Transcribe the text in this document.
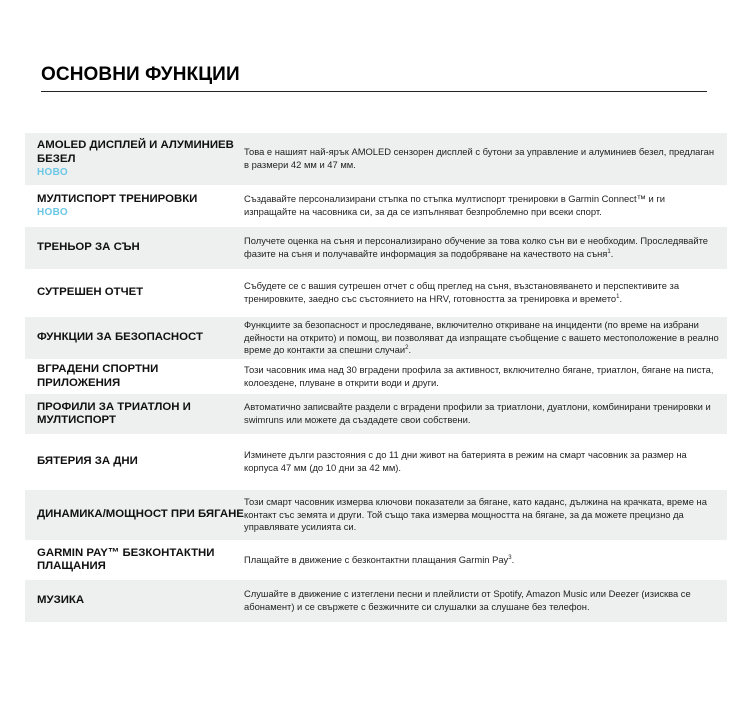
ОСНОВНИ ФУНКЦИИ
AMOLED ДИСПЛЕЙ И АЛУМИНИЕВ БЕЗЕЛ
НОВО
Това е нашият най-ярък AMOLED сензорен дисплей с бутони за управление и алуминиев безел, предлаган в размери 42 мм и 47 мм.
МУЛТИСПОРТ ТРЕНИРОВКИ
НОВО
Създавайте персонализирани стъпка по стъпка мултиспорт тренировки в Garmin Connect™ и ги изпращайте на часовника си, за да се изпълняват безпроблемно при всеки спорт.
ТРЕНЬОР ЗА СЪН
Получете оценка на съня и персонализирано обучение за това колко сън ви е необходим. Проследявайте фазите на съня и получавайте информация за подобряване на качеството на съня$^1$.
СУТРЕШЕН ОТЧЕТ
Събудете се с вашия сутрешен отчет с общ преглед на съня, възстановяването и перспективите за тренировките, заедно със състоянието на HRV, готовността за тренировка и времето$^1$.
ФУНКЦИИ ЗА БЕЗОПАСНОСТ
Функциите за безопасност и проследяване, включително откриване на инциденти (по време на избрани дейности на открито) и помощ, ви позволяват да изпращате съобщение с вашето местоположение в реално време до контакти за спешни случаи$^2$.
ВГРАДЕНИ СПОРТНИ ПРИЛОЖЕНИЯ
Този часовник има над 30 вградени профила за активност, включително бягане, триатлон, бягане на писта, колоездене, плуване в открити води и други.
ПРОФИЛИ ЗА ТРИАТЛОН И МУЛТИСПОРТ
Автоматично записвайте раздели с вградени профили за триатлони, дуатлони, комбинирани тренировки и swimruns или можете да създадете свои собствени.
БЯТЕРИЯ ЗА ДНИ
Изминете дълги разстояния с до 11 дни живот на батерията в режим на смарт часовник за размер на корпуса 47 мм (до 10 дни за 42 мм).
ДИНАМИКА/МОЩНОСТ ПРИ БЯГАНЕ
Този смарт часовник измерва ключови показатели за бягане, като каданс, дължина на крачката, време на контакт със земята и други. Той също така измерва мощността на бягане, за да можете прецизно да управлявате усилията си.
GARMIN PAY™ БЕЗКОНТАКТНИ ПЛАЩАНИЯ
Плащайте в движение с безконтактни плащания Garmin Pay$^3$.
МУЗИКА
Слушайте в движение с изтеглени песни и плейлисти от Spotify, Amazon Music или Deezer (изисква се абонамент) и се свържете с безжичните си слушалки за слушане без телефон.
